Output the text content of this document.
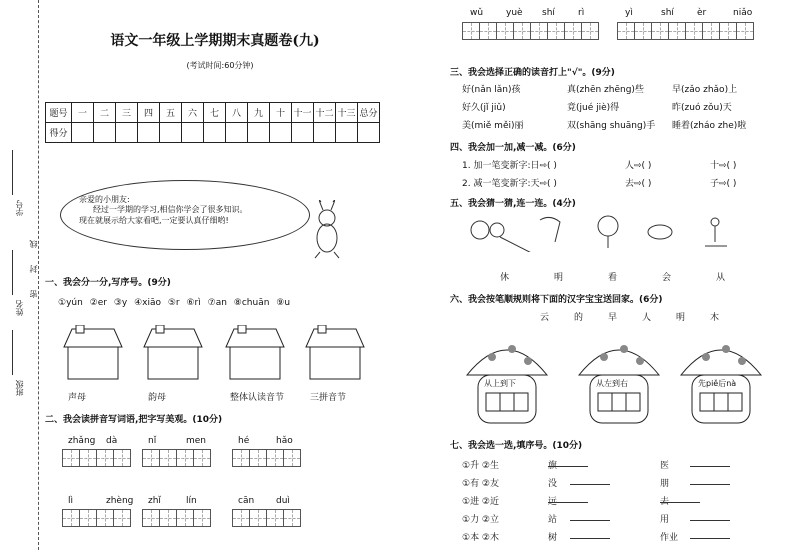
学号
姓名
班级
线
封
密
语文一年级上学期期末真题卷(九)
(考试时间:60分钟)
题号	一	二	三	四	五	六	七	八	九	十	十一	十二	十三	总分
得分														
亲爱的小朋友:
经过一学期的学习,相信你学会了很多知识。
现在就展示给大家看吧,一定要认真仔细哟!
一、我会分一分,写序号。(9分)
①yún ②er ③y ④xiāo ⑤r ⑥rì ⑦an ⑧chuān ⑨u
声母	韵母	整体认读音节	三拼音节
二、我会读拼音写词语,把字写美观。(10分)
zhǎng dà	nǐ	men	hé	hǎo
lì	zhèng zhǐ	lín	cān duì
wǔ	yuè shí	rì	yì	shí	èr	niǎo
三、我会选择正确的读音打上"√"。(9分)
好(nǎn lǎn)孩	真(zhēn zhēng)些	早(zǎo zhǎo)上
好久(jǐ jiǔ)	竟(jué jiè)得	昨(zuó zǒu)天
美(miě měi)丽	双(shāng shuāng)手 睡着(zháo zhe)啦
四、我会加一加,减一减。(6分)
1. 加一笔变新字:日⇨( )	人⇨( )	十⇨( )
2. 减一笔变新字:天⇨( )	去⇨( )	子⇨( )
五、我会猜一猜,连一连。(4分)
休	明	看	会	从
六、我会按笔顺规则将下面的汉字宝宝送回家。(6分)
云	的	早	人	明	木
从上到下	从左到右	先piě后nà
七、我会选一选,填序号。(10分)
①升 ②生	旗	医
①有 ②友	没	朋
①进 ②近	远	去
①力 ②立	站	用
①本 ②木	树	作业
